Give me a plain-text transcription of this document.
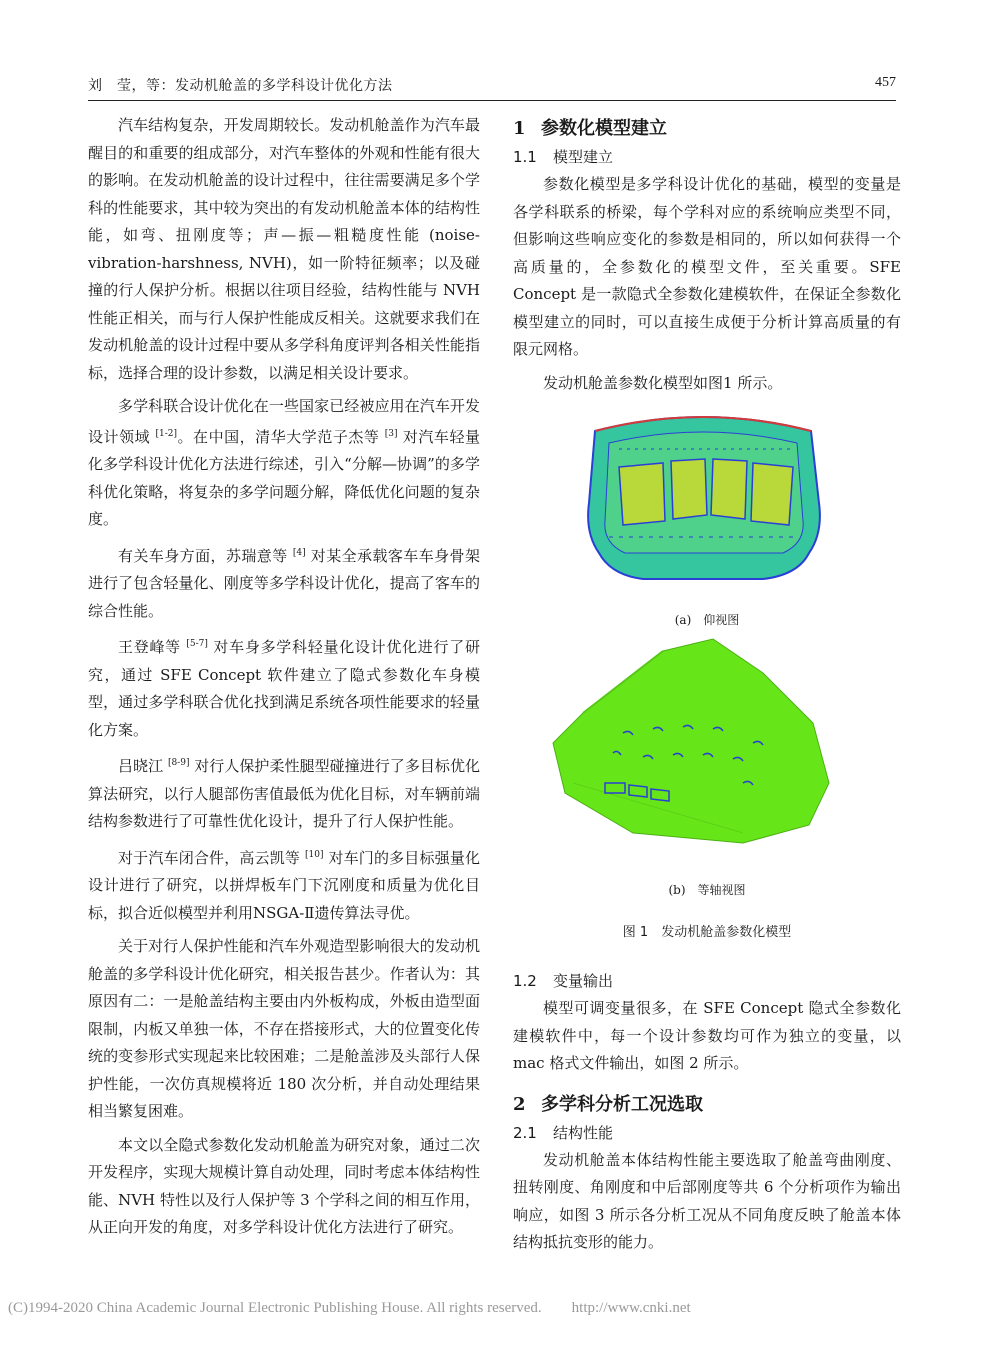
刘　莹，等：发动机舱盖的多学科设计优化方法	457

汽车结构复杂，开发周期较长。发动机舱盖作为汽车最醒目的和重要的组成部分，对汽车整体的外观和性能有很大的影响。在发动机舱盖的设计过程中，往往需要满足多个学科的性能要求，其中较为突出的有发动机舱盖本体的结构性能，如弯、扭刚度等；声—振—粗糙度性能 (noise-vibration-harshness, NVH)，如一阶特征频率；以及碰撞的行人保护分析。根据以往项目经验，结构性能与 NVH 性能正相关，而与行人保护性能成反相关。这就要求我们在发动机舱盖的设计过程中要从多学科角度评判各相关性能指标，选择合理的设计参数，以满足相关设计要求。

多学科联合设计优化在一些国家已经被应用在汽车开发设计领域 [1-2]。在中国，清华大学范子杰等 [3] 对汽车轻量化多学科设计优化方法进行综述，引入“分解—协调”的多学科优化策略，将复杂的多学问题分解，降低优化问题的复杂度。

有关车身方面，苏瑞意等 [4] 对某全承载客车车身骨架进行了包含轻量化、刚度等多学科设计优化，提高了客车的综合性能。

王登峰等 [5-7] 对车身多学科轻量化设计优化进行了研究，通过 SFE Concept 软件建立了隐式参数化车身模型，通过多学科联合优化找到满足系统各项性能要求的轻量化方案。

吕晓江 [8-9] 对行人保护柔性腿型碰撞进行了多目标优化算法研究，以行人腿部伤害值最低为优化目标，对车辆前端结构参数进行了可靠性优化设计，提升了行人保护性能。

对于汽车闭合件，高云凯等 [10] 对车门的多目标强量化设计进行了研究，以拼焊板车门下沉刚度和质量为优化目标，拟合近似模型并利用NSGA-Ⅱ遗传算法寻优。

关于对行人保护性能和汽车外观造型影响很大的发动机舱盖的多学科设计优化研究，相关报告甚少。作者认为：其原因有二：一是舱盖结构主要由内外板构成，外板由造型面限制，内板又单独一体，不存在搭接形式，大的位置变化传统的变参形式实现起来比较困难；二是舱盖涉及头部行人保护性能，一次仿真规模将近 180 次分析，并自动处理结果相当繁复困难。

本文以全隐式参数化发动机舱盖为研究对象，通过二次开发程序，实现大规模计算自动处理，同时考虑本体结构性能、NVH 特性以及行人保护等 3 个学科之间的相互作用，从正向开发的角度，对多学科设计优化方法进行了研究。

1 参数化模型建立
1.1 模型建立

参数化模型是多学科设计优化的基础，模型的变量是各学科联系的桥梁，每个学科对应的系统响应类型不同，但影响这些响应变化的参数是相同的，所以如何获得一个高质量的，全参数化的模型文件，至关重要。SFE Concept 是一款隐式全参数化建模软件，在保证全参数化模型建立的同时，可以直接生成便于分析计算高质量的有限元网格。

发动机舱盖参数化模型如图1 所示。

(a)　仰视图
(b)　等轴视图
图 1　发动机舱盖参数化模型
1.2 变量输出

模型可调变量很多，在 SFE Concept 隐式全参数化建模软件中，每一个设计参数均可作为独立的变量，以 mac 格式文件输出，如图 2 所示。

2 多学科分析工况选取
2.1 结构性能

发动机舱盖本体结构性能主要选取了舱盖弯曲刚度、扭转刚度、角刚度和中后部刚度等共 6 个分析项作为输出响应，如图 3 所示各分析工况从不同角度反映了舱盖本体结构抵抗变形的能力。

(C)1994-2020 China Academic Journal Electronic Publishing House. All rights reserved.　　http://www.cnki.net
